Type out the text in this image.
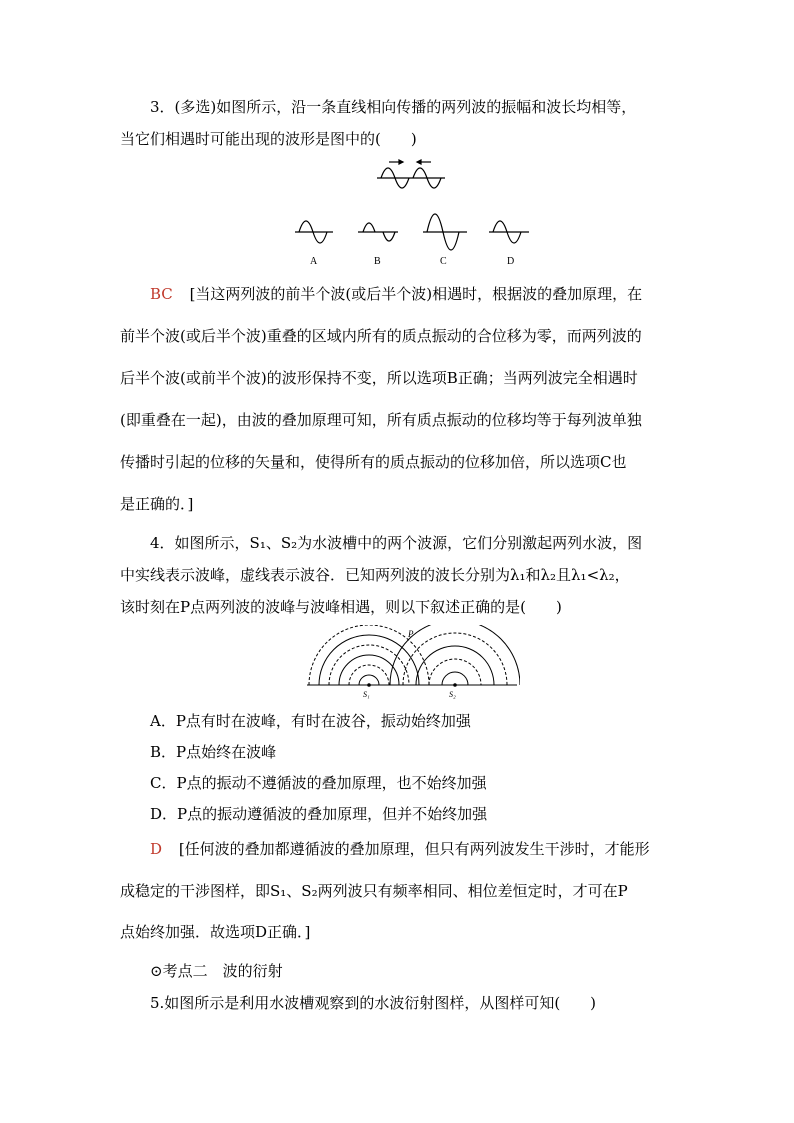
3．(多选)如图所示，沿一条直线相向传播的两列波的振幅和波长均相等，
当它们相遇时可能出现的波形是图中的(　　)
A	B	C	D
BC [当这两列波的前半个波(或后半个波)相遇时，根据波的叠加原理，在
前半个波(或后半个波)重叠的区域内所有的质点振动的合位移为零，而两列波的
后半个波(或前半个波)的波形保持不变，所以选项B正确；当两列波完全相遇时
(即重叠在一起)，由波的叠加原理可知，所有质点振动的位移均等于每列波单独
传播时引起的位移的矢量和，使得所有的质点振动的位移加倍，所以选项C也
是正确的．]
4．如图所示，S₁、S₂为水波槽中的两个波源，它们分别激起两列水波，图
中实线表示波峰，虚线表示波谷．已知两列波的波长分别为λ₁和λ₂且λ₁<λ₂，
该时刻在P点两列波的波峰与波峰相遇，则以下叙述正确的是(　　)
P
S₁	S₂
A．P点有时在波峰，有时在波谷，振动始终加强
B．P点始终在波峰
C．P点的振动不遵循波的叠加原理，也不始终加强
D．P点的振动遵循波的叠加原理，但并不始终加强
D [任何波的叠加都遵循波的叠加原理，但只有两列波发生干涉时，才能形
成稳定的干涉图样，即S₁、S₂两列波只有频率相同、相位差恒定时，才可在P
点始终加强．故选项D正确．]
⊙考点二　波的衍射
5.如图所示是利用水波槽观察到的水波衍射图样，从图样可知(　　)
